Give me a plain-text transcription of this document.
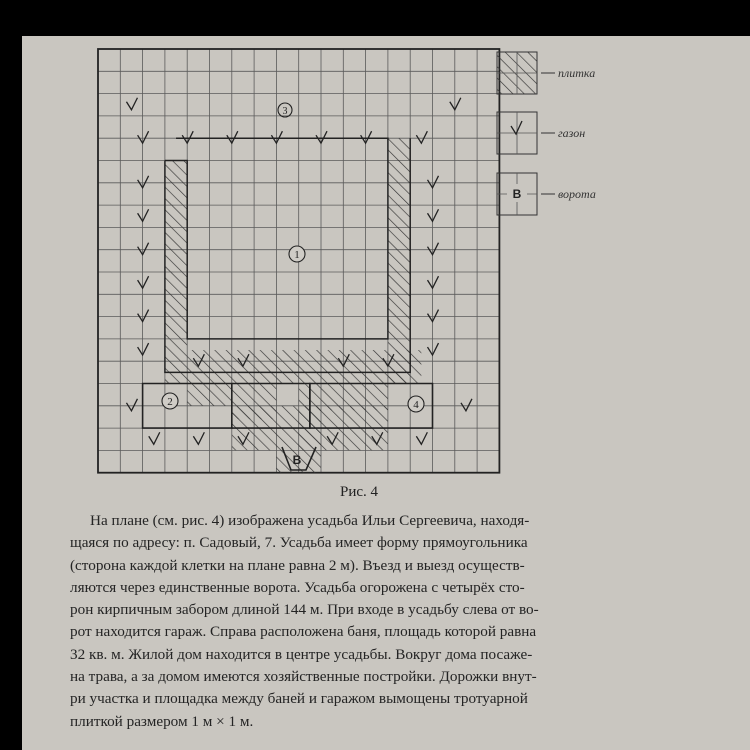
В
плитка
газон
ворота
3
1
2	4
В
Рис. 4
На плане (см. рис. 4) изображена усадьба Ильи Сергеевича, находя-
щаяся по адресу: п. Садовый, 7. Усадьба имеет форму прямоугольника
(сторона каждой клетки на плане равна 2 м). Въезд и выезд осуществ-
ляются через единственные ворота. Усадьба огорожена с четырёх сто-
рон кирпичным забором длиной 144 м. При входе в усадьбу слева от во-
рот находится гараж. Справа расположена баня, площадь которой равна
32 кв. м. Жилой дом находится в центре усадьбы. Вокруг дома посаже-
на трава, а за домом имеются хозяйственные постройки. Дорожки внут-
ри участка и площадка между баней и гаражом вымощены тротуарной
плиткой размером 1 м × 1 м.
